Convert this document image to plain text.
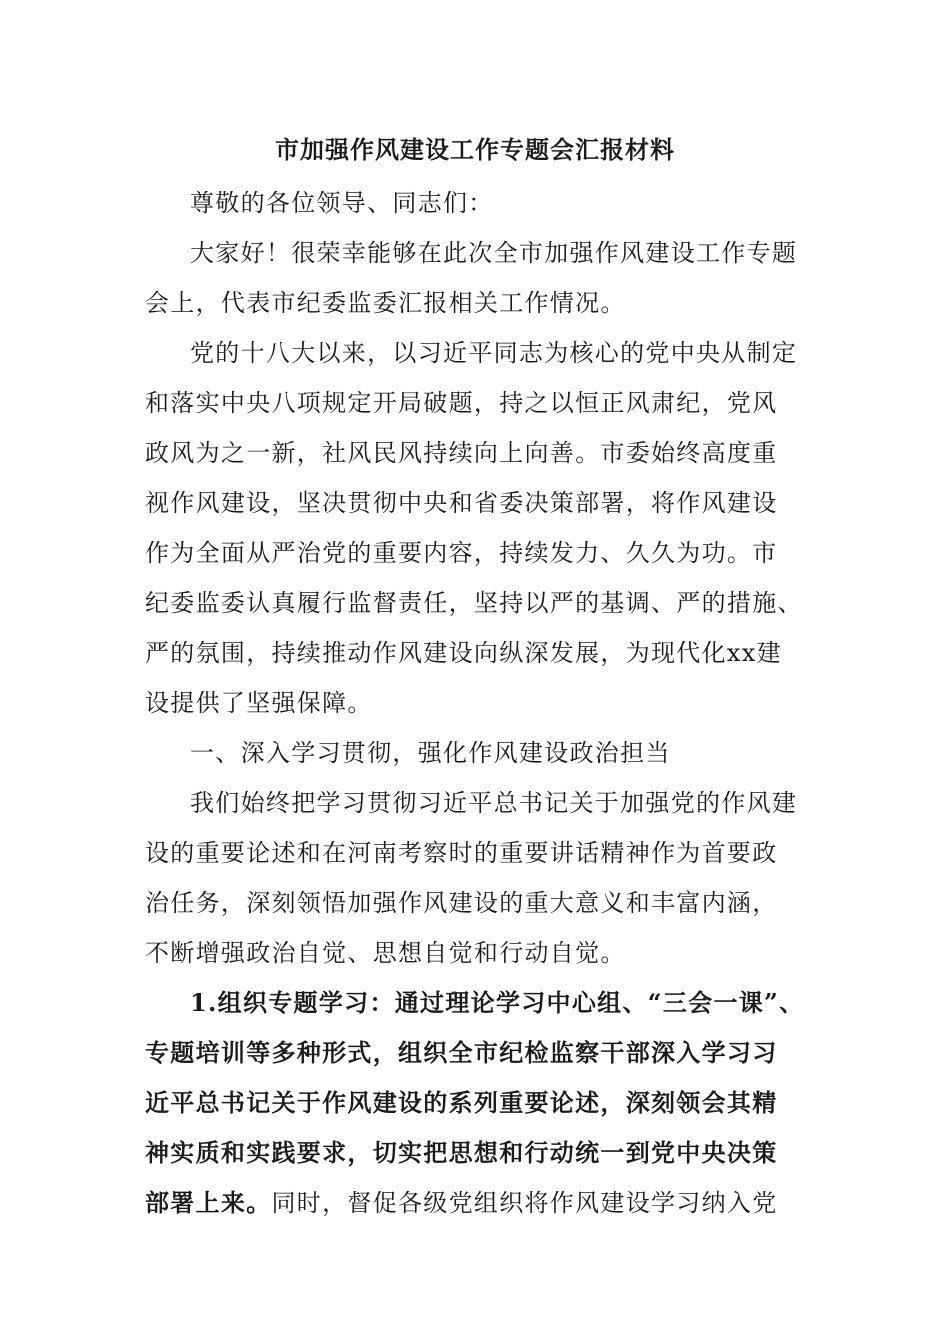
市加强作风建设工作专题会汇报材料
尊敬的各位领导、同志们：
大家好！很荣幸能够在此次全市加强作风建设工作专题
会上，代表市纪委监委汇报相关工作情况。
党的十八大以来，以习近平同志为核心的党中央从制定
和落实中央八项规定开局破题，持之以恒正风肃纪，党风
政风为之一新，社风民风持续向上向善。市委始终高度重
视作风建设，坚决贯彻中央和省委决策部署，将作风建设
作为全面从严治党的重要内容，持续发力、久久为功。市
纪委监委认真履行监督责任，坚持以严的基调、严的措施、
严的氛围，持续推动作风建设向纵深发展，为现代化xx建
设提供了坚强保障。
一、深入学习贯彻，强化作风建设政治担当
我们始终把学习贯彻习近平总书记关于加强党的作风建
设的重要论述和在河南考察时的重要讲话精神作为首要政
治任务，深刻领悟加强作风建设的重大意义和丰富内涵，
不断增强政治自觉、思想自觉和行动自觉。
1.组织专题学习：通过理论学习中心组、“三会一课”、
专题培训等多种形式，组织全市纪检监察干部深入学习习
近平总书记关于作风建设的系列重要论述，深刻领会其精
神实质和实践要求，切实把思想和行动统一到党中央决策
部署上来。同时，督促各级党组织将作风建设学习纳入党
